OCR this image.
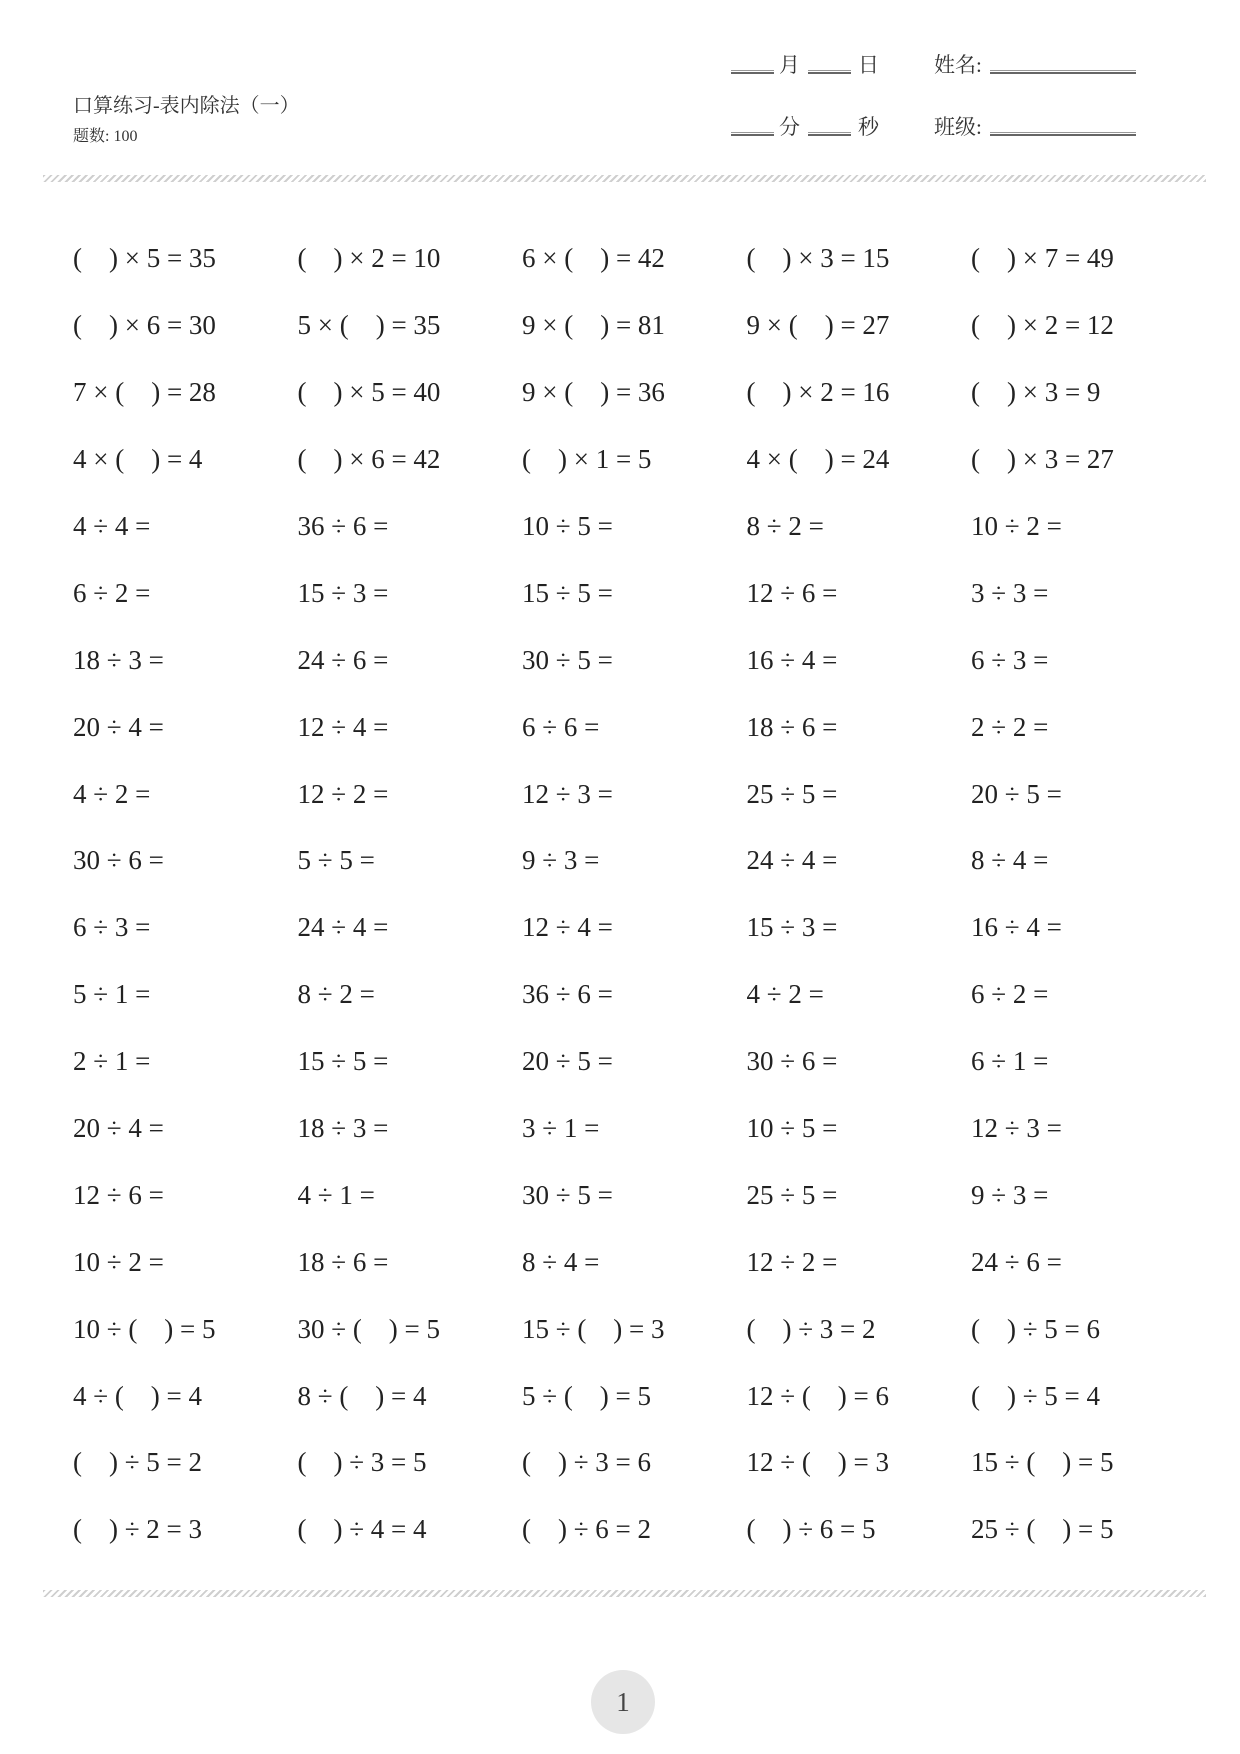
口算练习-表内除法（一）
题数: 100
月	日	姓名:
分	秒	班级:
(    ) × 5 = 35	(    ) × 2 = 10	6 × (    ) = 42	(    ) × 3 = 15	(    ) × 7 = 49
(    ) × 6 = 30	5 × (    ) = 35	9 × (    ) = 81	9 × (    ) = 27	(    ) × 2 = 12
7 × (    ) = 28	(    ) × 5 = 40	9 × (    ) = 36	(    ) × 2 = 16	(    ) × 3 = 9
4 × (    ) = 4	(    ) × 6 = 42	(    ) × 1 = 5	4 × (    ) = 24	(    ) × 3 = 27
4 ÷ 4 =	36 ÷ 6 =	10 ÷ 5 =	8 ÷ 2 =	10 ÷ 2 =
6 ÷ 2 =	15 ÷ 3 =	15 ÷ 5 =	12 ÷ 6 =	3 ÷ 3 =
18 ÷ 3 =	24 ÷ 6 =	30 ÷ 5 =	16 ÷ 4 =	6 ÷ 3 =
20 ÷ 4 =	12 ÷ 4 =	6 ÷ 6 =	18 ÷ 6 =	2 ÷ 2 =
4 ÷ 2 =	12 ÷ 2 =	12 ÷ 3 =	25 ÷ 5 =	20 ÷ 5 =
30 ÷ 6 =	5 ÷ 5 =	9 ÷ 3 =	24 ÷ 4 =	8 ÷ 4 =
6 ÷ 3 =	24 ÷ 4 =	12 ÷ 4 =	15 ÷ 3 =	16 ÷ 4 =
5 ÷ 1 =	8 ÷ 2 =	36 ÷ 6 =	4 ÷ 2 =	6 ÷ 2 =
2 ÷ 1 =	15 ÷ 5 =	20 ÷ 5 =	30 ÷ 6 =	6 ÷ 1 =
20 ÷ 4 =	18 ÷ 3 =	3 ÷ 1 =	10 ÷ 5 =	12 ÷ 3 =
12 ÷ 6 =	4 ÷ 1 =	30 ÷ 5 =	25 ÷ 5 =	9 ÷ 3 =
10 ÷ 2 =	18 ÷ 6 =	8 ÷ 4 =	12 ÷ 2 =	24 ÷ 6 =
10 ÷ (    ) = 5	30 ÷ (    ) = 5	15 ÷ (    ) = 3	(    ) ÷ 3 = 2	(    ) ÷ 5 = 6
4 ÷ (    ) = 4	8 ÷ (    ) = 4	5 ÷ (    ) = 5	12 ÷ (    ) = 6	(    ) ÷ 5 = 4
(    ) ÷ 5 = 2	(    ) ÷ 3 = 5	(    ) ÷ 3 = 6	12 ÷ (    ) = 3	15 ÷ (    ) = 5
(    ) ÷ 2 = 3	(    ) ÷ 4 = 4	(    ) ÷ 6 = 2	(    ) ÷ 6 = 5	25 ÷ (    ) = 5
1
